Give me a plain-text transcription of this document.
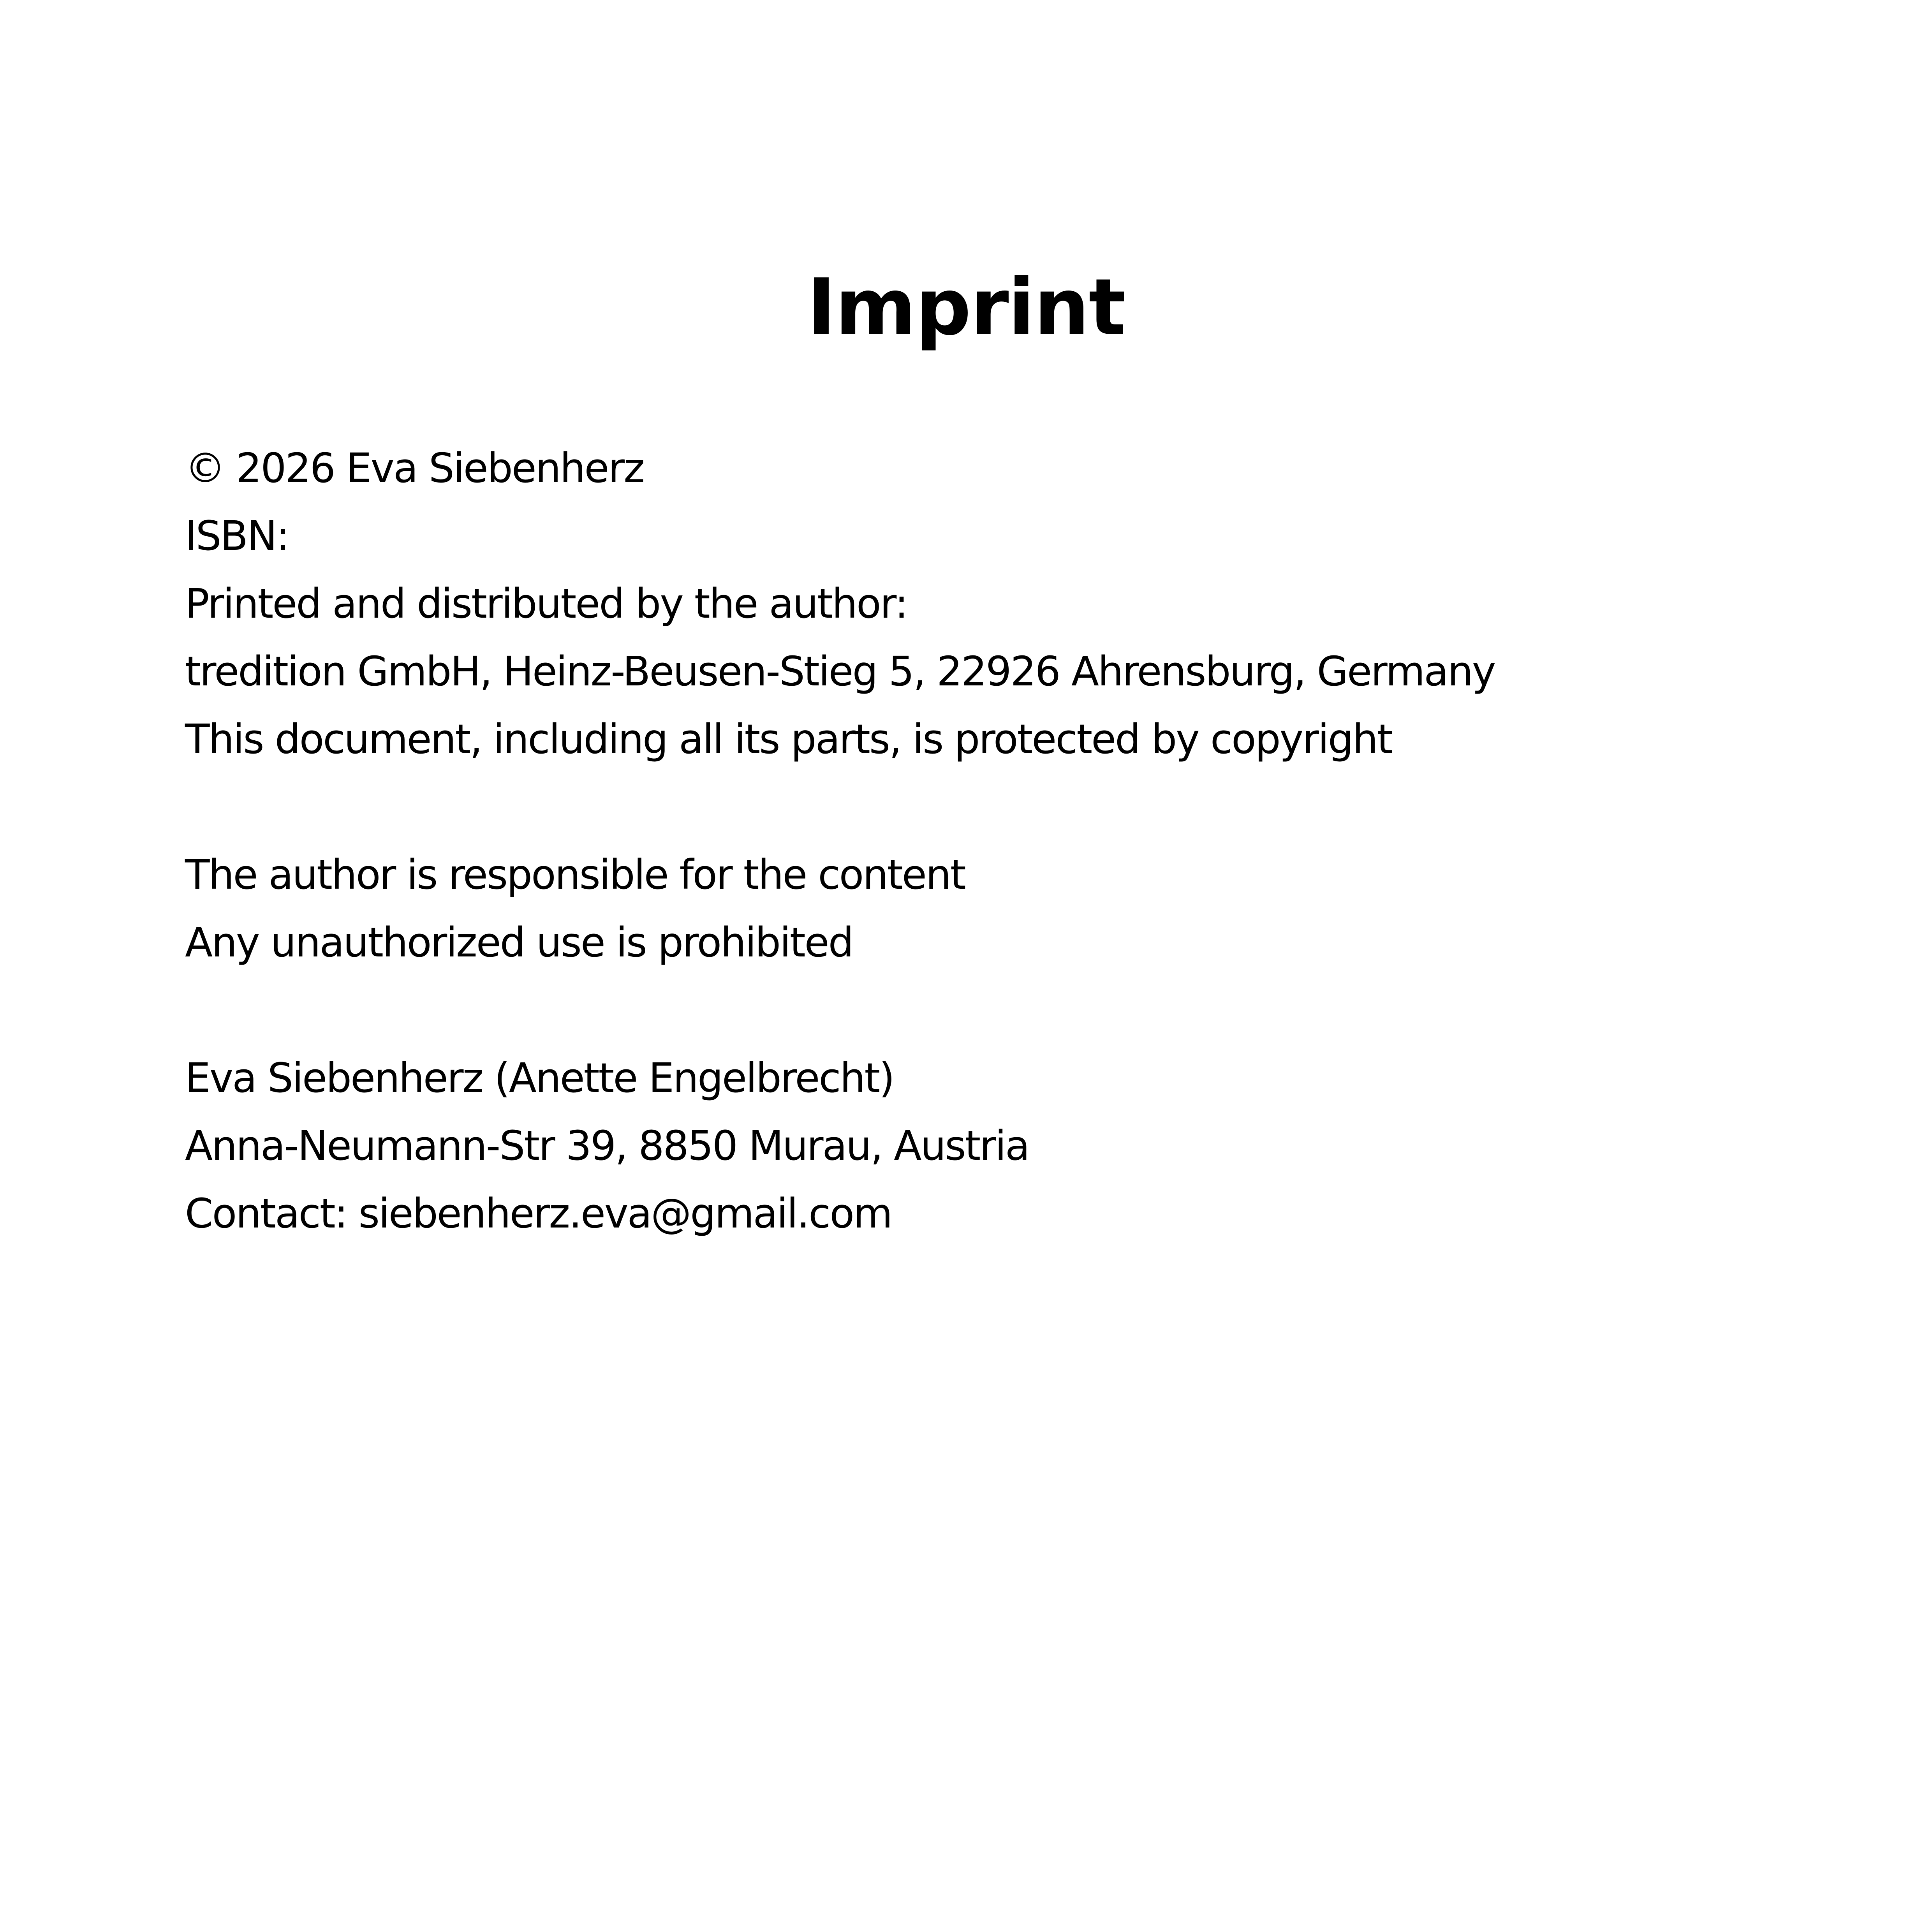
Imprint
© 2026 Eva Siebenherz
ISBN:
Printed and distributed by the author:
tredition GmbH, Heinz-Beusen-Stieg 5, 22926 Ahrensburg, Germany
This document, including all its parts, is protected by copyright
The author is responsible for the content
Any unauthorized use is prohibited
Eva Siebenherz (Anette Engelbrecht)
Anna-Neumann-Str 39, 8850 Murau, Austria
Contact: siebenherz.eva@gmail.com
